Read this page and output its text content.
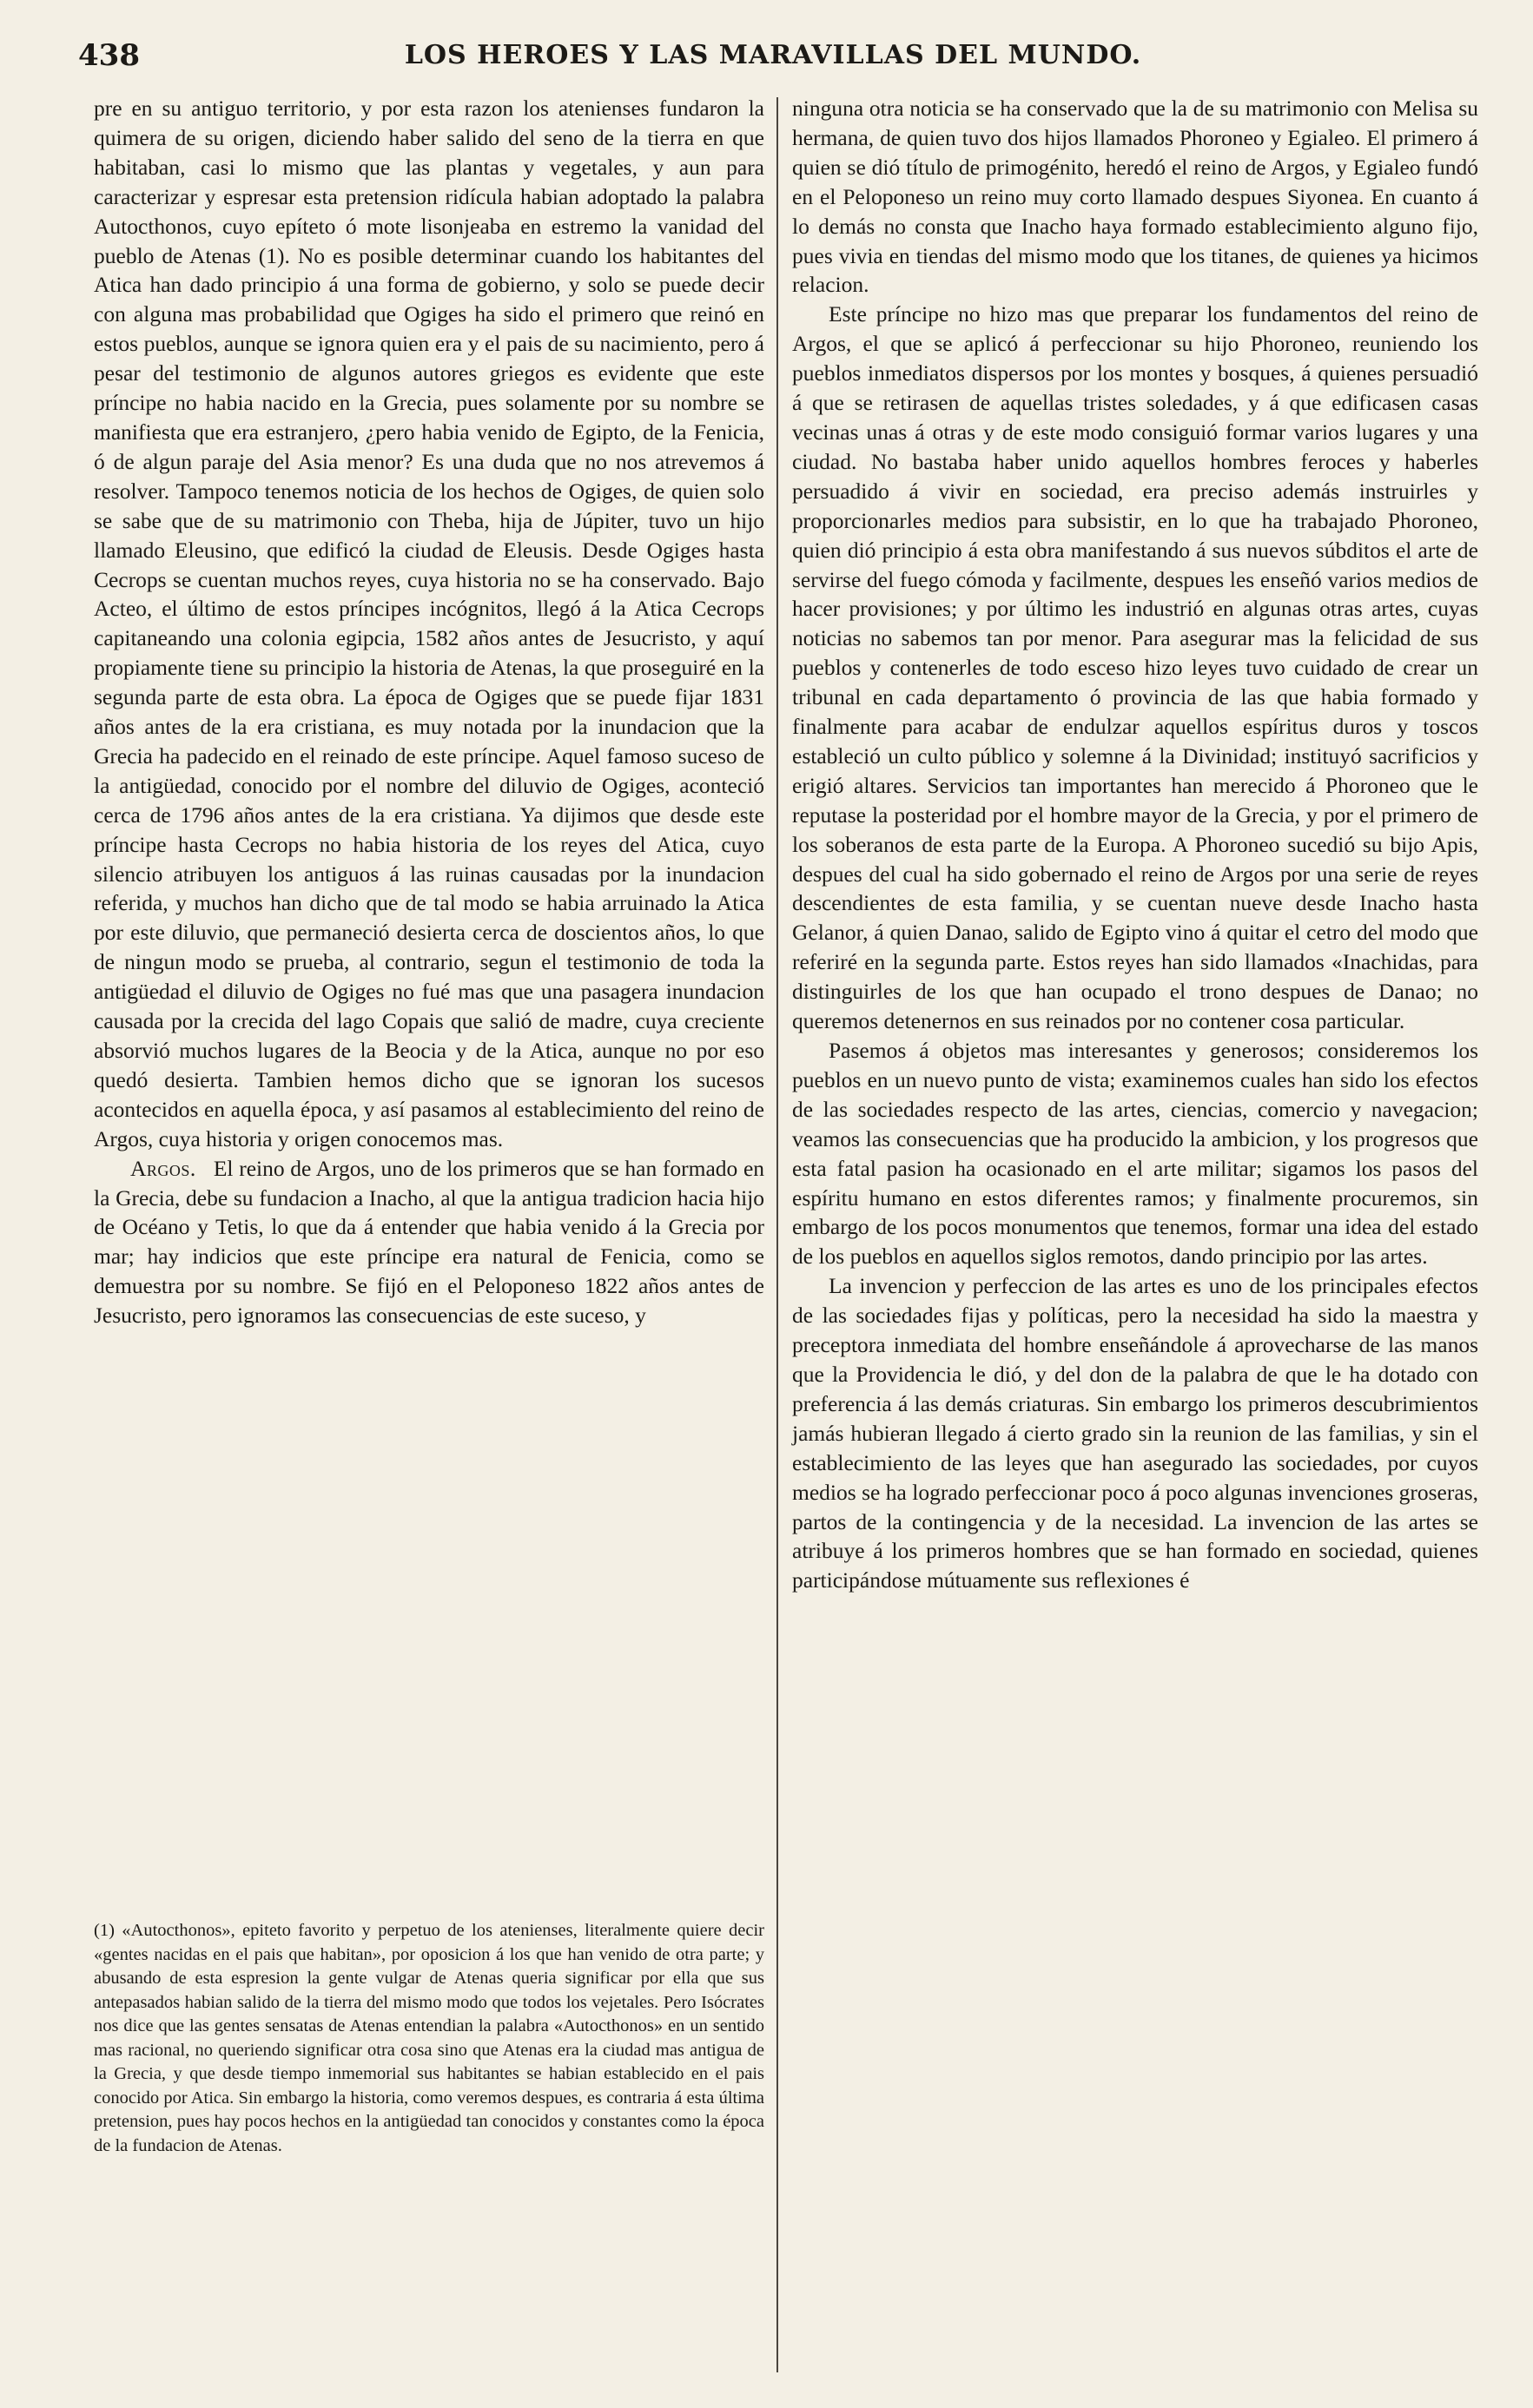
438	LOS HEROES Y LAS MARAVILLAS DEL MUNDO.

pre en su antiguo territorio, y por esta razon los atenienses fundaron la quimera de su origen, diciendo haber salido del seno de la tierra en que habitaban, casi lo mismo que las plantas y vegetales, y aun para caracterizar y espresar esta pretension ridícula habian adoptado la palabra Autocthonos, cuyo epíteto ó mote lisonjeaba en estremo la vanidad del pueblo de Atenas (1). No es posible determinar cuando los habitantes del Atica han dado principio á una forma de gobierno, y solo se puede decir con alguna mas probabilidad que Ogiges ha sido el primero que reinó en estos pueblos, aunque se ignora quien era y el pais de su nacimiento, pero á pesar del testimonio de algunos autores griegos es evidente que este príncipe no habia nacido en la Grecia, pues solamente por su nombre se manifiesta que era estranjero, ¿pero habia venido de Egipto, de la Fenicia, ó de algun paraje del Asia menor? Es una duda que no nos atrevemos á resolver. Tampoco tenemos noticia de los hechos de Ogiges, de quien solo se sabe que de su matrimonio con Theba, hija de Júpiter, tuvo un hijo llamado Eleusino, que edificó la ciudad de Eleusis. Desde Ogiges hasta Cecrops se cuentan muchos reyes, cuya historia no se ha conservado. Bajo Acteo, el último de estos príncipes incógnitos, llegó á la Atica Cecrops capitaneando una colonia egipcia, 1582 años antes de Jesucristo, y aquí propiamente tiene su principio la historia de Atenas, la que proseguiré en la segunda parte de esta obra. La época de Ogiges que se puede fijar 1831 años antes de la era cristiana, es muy notada por la inundacion que la Grecia ha padecido en el reinado de este príncipe. Aquel famoso suceso de la antigüedad, conocido por el nombre del diluvio de Ogiges, aconteció cerca de 1796 años antes de la era cristiana. Ya dijimos que desde este príncipe hasta Cecrops no habia historia de los reyes del Atica, cuyo silencio atribuyen los antiguos á las ruinas causadas por la inundacion referida, y muchos han dicho que de tal modo se habia arruinado la Atica por este diluvio, que permaneció desierta cerca de doscientos años, lo que de ningun modo se prueba, al contrario, segun el testimonio de toda la antigüedad el diluvio de Ogiges no fué mas que una pasagera inundacion causada por la crecida del lago Copais que salió de madre, cuya creciente absorvió muchos lugares de la Beocia y de la Atica, aunque no por eso quedó desierta. Tambien hemos dicho que se ignoran los sucesos acontecidos en aquella época, y así pasamos al establecimiento del reino de Argos, cuya historia y origen conocemos mas.

Argos. El reino de Argos, uno de los primeros que se han formado en la Grecia, debe su fundacion a Inacho, al que la antigua tradicion hacia hijo de Océano y Tetis, lo que da á entender que habia venido á la Grecia por mar; hay indicios que este príncipe era natural de Fenicia, como se demuestra por su nombre. Se fijó en el Peloponeso 1822 años antes de Jesucristo, pero ignoramos las consecuencias de este suceso, y

(1) «Autocthonos», epiteto favorito y perpetuo de los atenienses, literalmente quiere decir «gentes nacidas en el pais que habitan», por oposicion á los que han venido de otra parte; y abusando de esta espresion la gente vulgar de Atenas queria significar por ella que sus antepasados habian salido de la tierra del mismo modo que todos los vejetales. Pero Isócrates nos dice que las gentes sensatas de Atenas entendian la palabra «Autocthonos» en un sentido mas racional, no queriendo significar otra cosa sino que Atenas era la ciudad mas antigua de la Grecia, y que desde tiempo inmemorial sus habitantes se habian establecido en el pais conocido por Atica. Sin embargo la historia, como veremos despues, es contraria á esta última pretension, pues hay pocos hechos en la antigüedad tan conocidos y constantes como la época de la fundacion de Atenas.

ninguna otra noticia se ha conservado que la de su matrimonio con Melisa su hermana, de quien tuvo dos hijos llamados Phoroneo y Egialeo. El primero á quien se dió título de primogénito, heredó el reino de Argos, y Egialeo fundó en el Peloponeso un reino muy corto llamado despues Siyonea. En cuanto á lo demás no consta que Inacho haya formado establecimiento alguno fijo, pues vivia en tiendas del mismo modo que los titanes, de quienes ya hicimos relacion.

Este príncipe no hizo mas que preparar los fundamentos del reino de Argos, el que se aplicó á perfeccionar su hijo Phoroneo, reuniendo los pueblos inmediatos dispersos por los montes y bosques, á quienes persuadió á que se retirasen de aquellas tristes soledades, y á que edificasen casas vecinas unas á otras y de este modo consiguió formar varios lugares y una ciudad. No bastaba haber unido aquellos hombres feroces y haberles persuadido á vivir en sociedad, era preciso además instruirles y proporcionarles medios para subsistir, en lo que ha trabajado Phoroneo, quien dió principio á esta obra manifestando á sus nuevos súbditos el arte de servirse del fuego cómoda y facilmente, despues les enseñó varios medios de hacer provisiones; y por último les industrió en algunas otras artes, cuyas noticias no sabemos tan por menor. Para asegurar mas la felicidad de sus pueblos y contenerles de todo esceso hizo leyes tuvo cuidado de crear un tribunal en cada departamento ó provincia de las que habia formado y finalmente para acabar de endulzar aquellos espíritus duros y toscos estableció un culto público y solemne á la Divinidad; instituyó sacrificios y erigió altares. Servicios tan importantes han merecido á Phoroneo que le reputase la posteridad por el hombre mayor de la Grecia, y por el primero de los soberanos de esta parte de la Europa. A Phoroneo sucedió su bijo Apis, despues del cual ha sido gobernado el reino de Argos por una serie de reyes descendientes de esta familia, y se cuentan nueve desde Inacho hasta Gelanor, á quien Danao, salido de Egipto vino á quitar el cetro del modo que referiré en la segunda parte. Estos reyes han sido llamados «Inachidas, para distinguirles de los que han ocupado el trono despues de Danao; no queremos detenernos en sus reinados por no contener cosa particular.

Pasemos á objetos mas interesantes y generosos; consideremos los pueblos en un nuevo punto de vista; examinemos cuales han sido los efectos de las sociedades respecto de las artes, ciencias, comercio y navegacion; veamos las consecuencias que ha producido la ambicion, y los progresos que esta fatal pasion ha ocasionado en el arte militar; sigamos los pasos del espíritu humano en estos diferentes ramos; y finalmente procuremos, sin embargo de los pocos monumentos que tenemos, formar una idea del estado de los pueblos en aquellos siglos remotos, dando principio por las artes.

La invencion y perfeccion de las artes es uno de los principales efectos de las sociedades fijas y políticas, pero la necesidad ha sido la maestra y preceptora inmediata del hombre enseñándole á aprovecharse de las manos que la Providencia le dió, y del don de la palabra de que le ha dotado con preferencia á las demás criaturas. Sin embargo los primeros descubrimientos jamás hubieran llegado á cierto grado sin la reunion de las familias, y sin el establecimiento de las leyes que han asegurado las sociedades, por cuyos medios se ha logrado perfeccionar poco á poco algunas invenciones groseras, partos de la contingencia y de la necesidad. La invencion de las artes se atribuye á los primeros hombres que se han formado en sociedad, quienes participándose mútuamente sus reflexiones é
